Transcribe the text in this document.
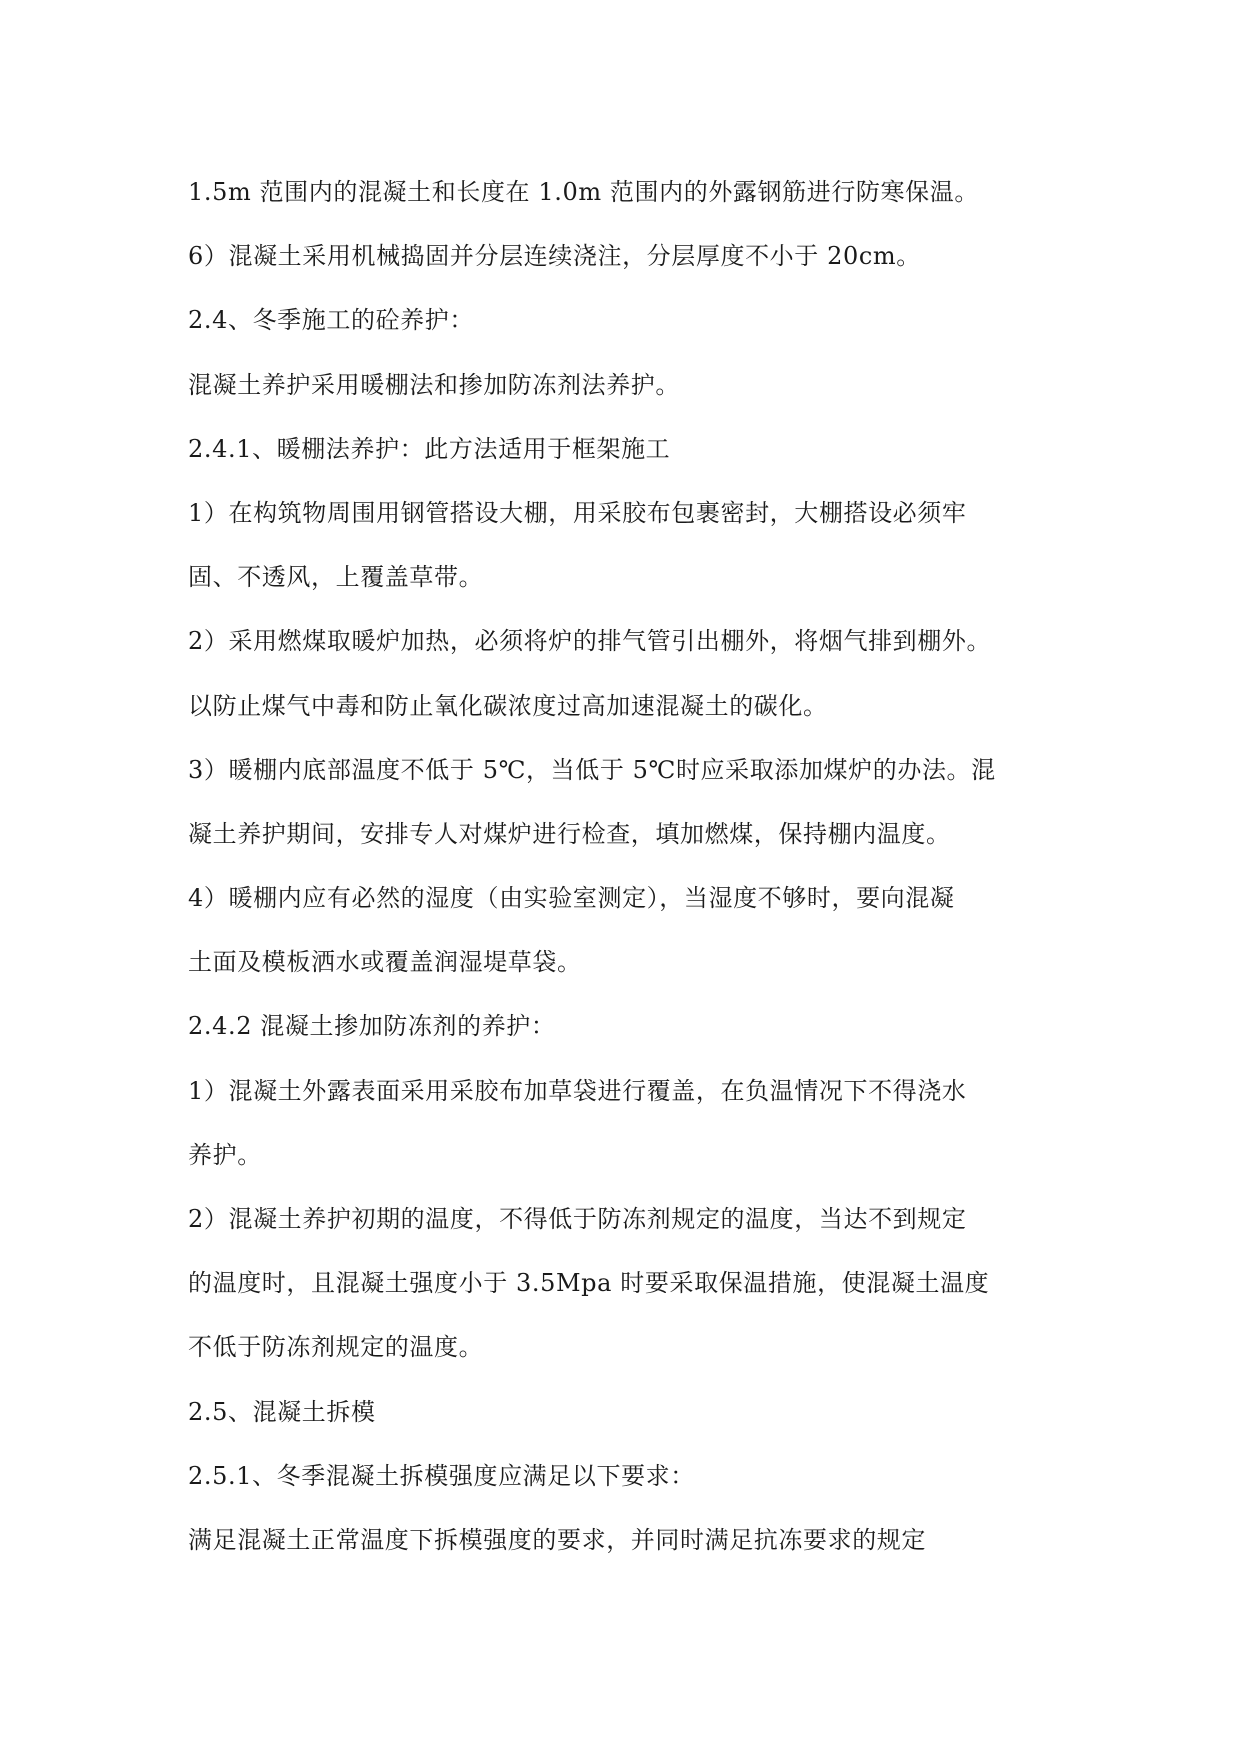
1.5m 范围内的混凝土和长度在 1.0m 范围内的外露钢筋进行防寒保温。
6）混凝土采用机械捣固并分层连续浇注，分层厚度不小于 20cm。
2.4、冬季施工的砼养护：
混凝土养护采用暖棚法和掺加防冻剂法养护。
2.4.1、暖棚法养护：此方法适用于框架施工
1）在构筑物周围用钢管搭设大棚，用采胶布包裹密封，大棚搭设必须牢
固、不透风，上覆盖草带。
2）采用燃煤取暖炉加热，必须将炉的排气管引出棚外，将烟气排到棚外。
以防止煤气中毒和防止氧化碳浓度过高加速混凝土的碳化。
3）暖棚内底部温度不低于 5℃，当低于 5℃时应采取添加煤炉的办法。混
凝土养护期间，安排专人对煤炉进行检查，填加燃煤，保持棚内温度。
4）暖棚内应有必然的湿度（由实验室测定），当湿度不够时，要向混凝
土面及模板洒水或覆盖润湿堤草袋。
2.4.2 混凝土掺加防冻剂的养护：
1）混凝土外露表面采用采胶布加草袋进行覆盖，在负温情况下不得浇水
养护。
2）混凝土养护初期的温度，不得低于防冻剂规定的温度，当达不到规定
的温度时，且混凝土强度小于 3.5Mpa 时要采取保温措施，使混凝土温度
不低于防冻剂规定的温度。
2.5、混凝土拆模
2.5.1、冬季混凝土拆模强度应满足以下要求：
满足混凝土正常温度下拆模强度的要求，并同时满足抗冻要求的规定
